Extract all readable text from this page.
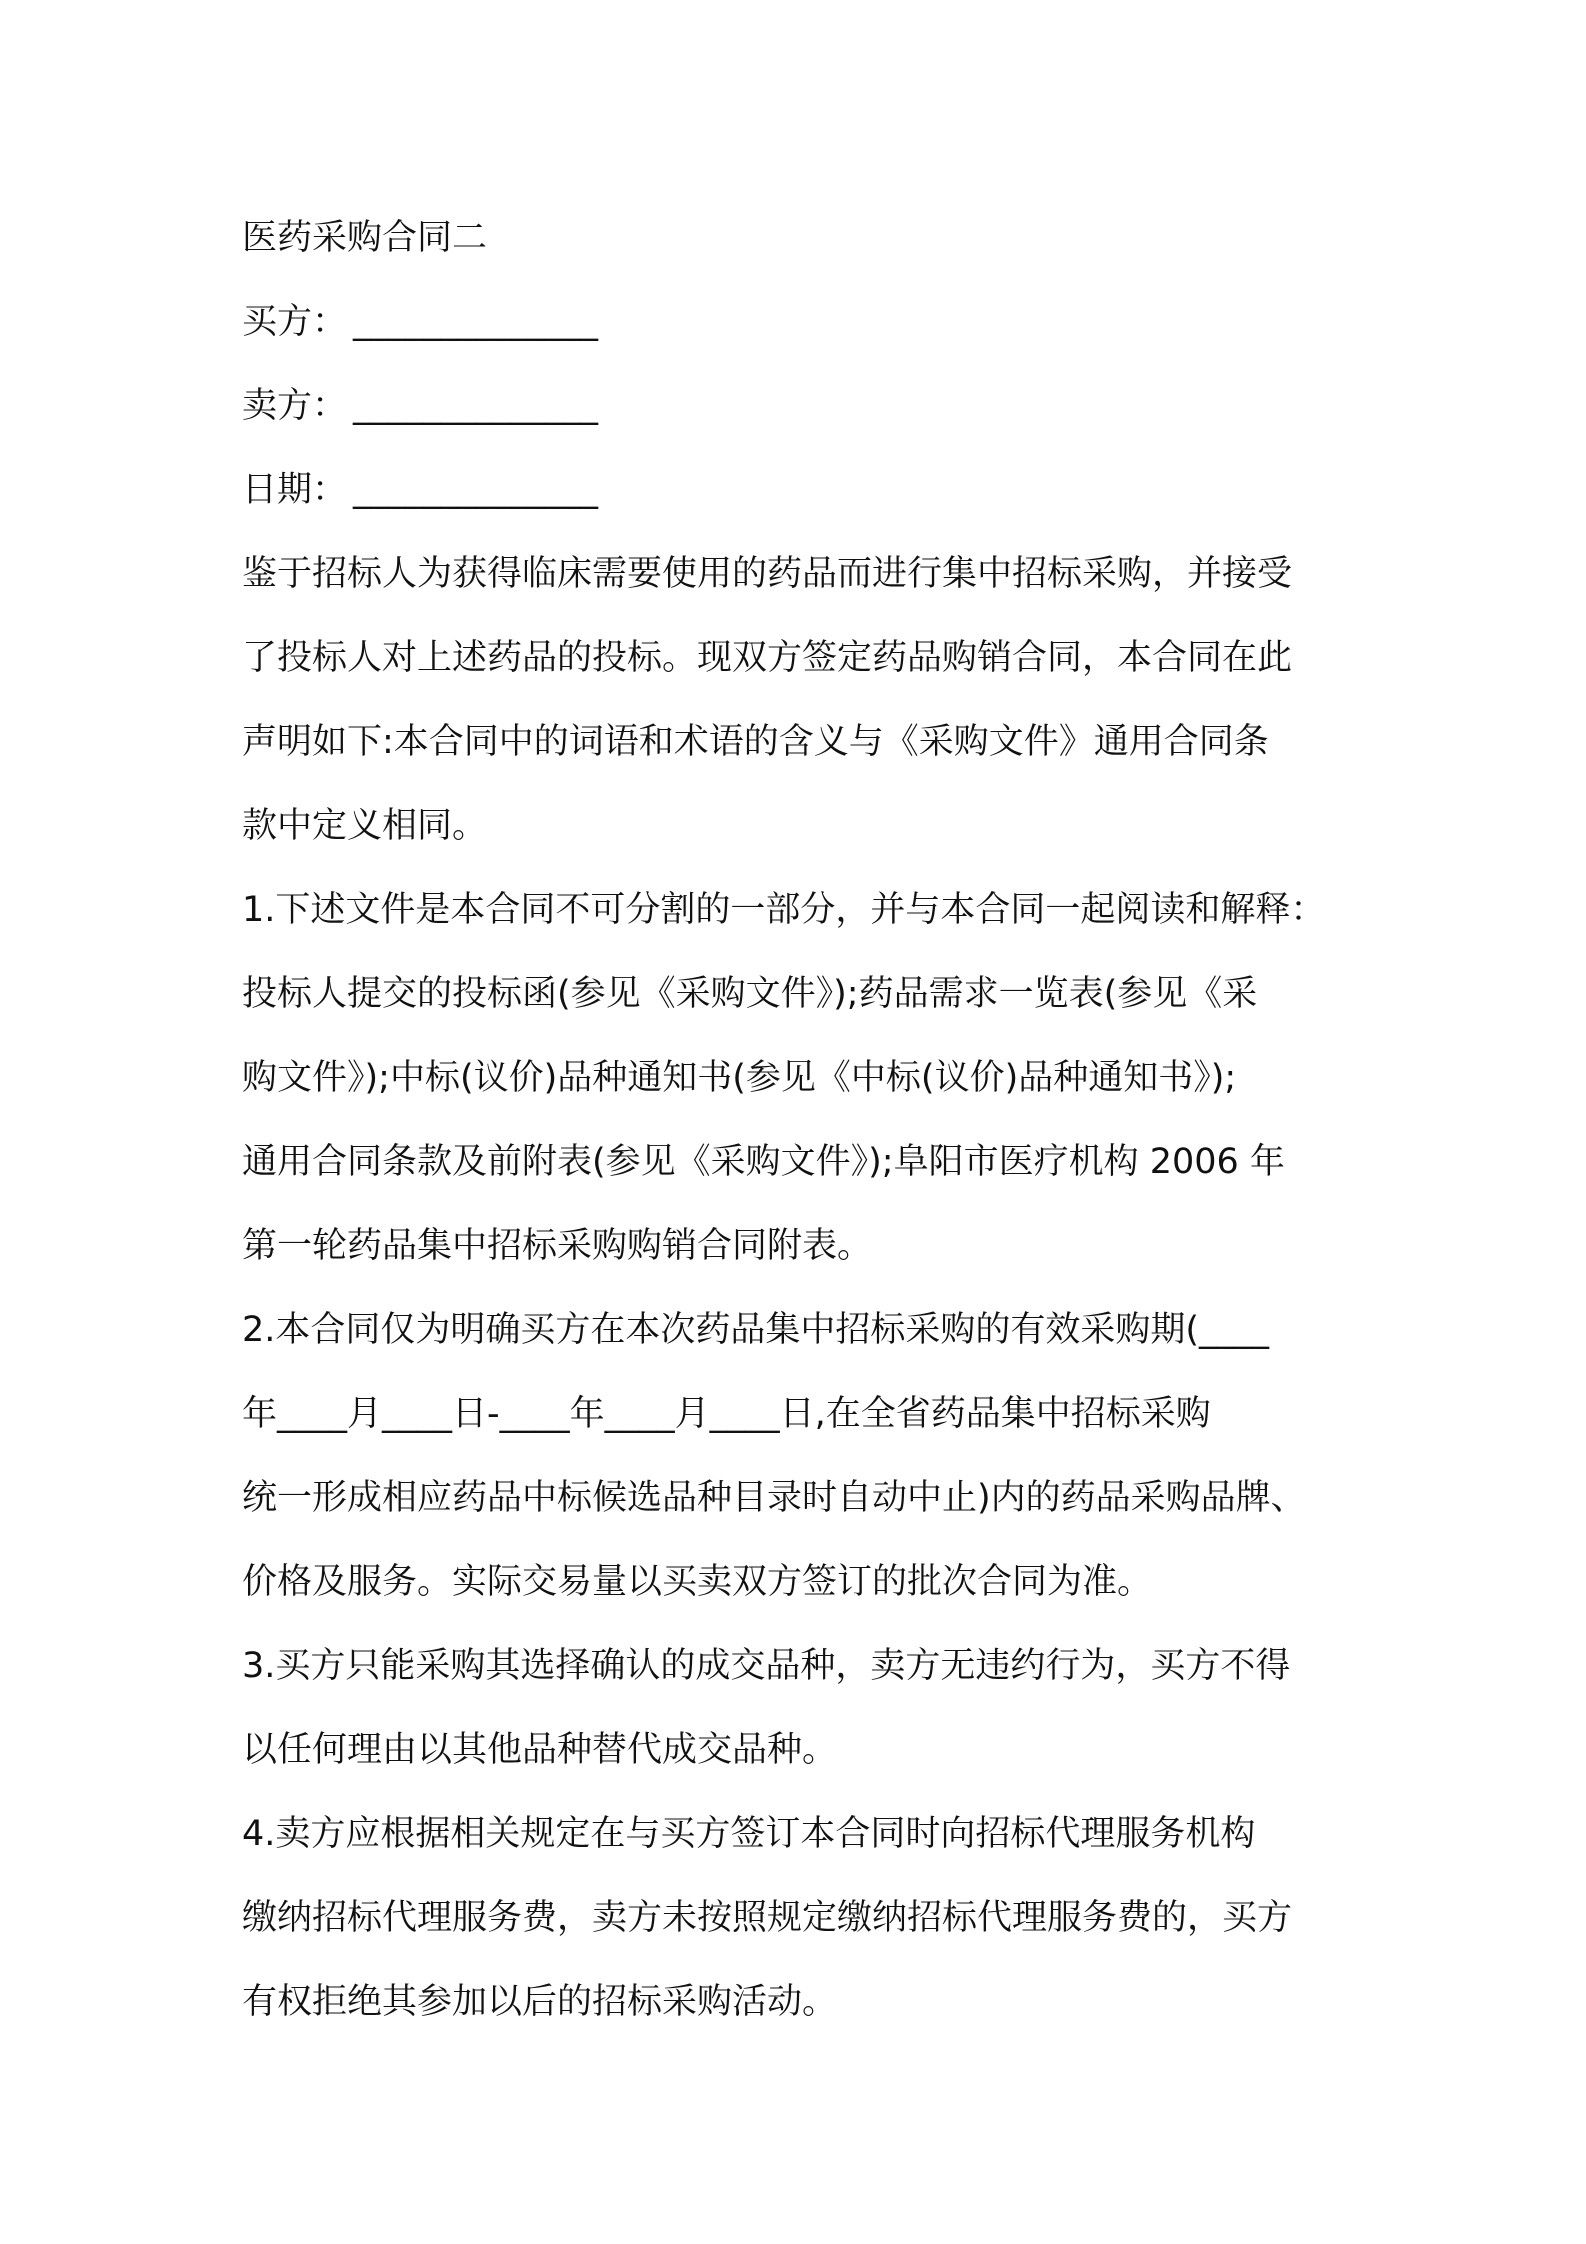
医药采购合同二

买方： ______________
卖方： ______________
日期： ______________

鉴于招标人为获得临床需要使用的药品而进行集中招标采购，并接受

了投标人对上述药品的投标。现双方签定药品购销合同，本合同在此

声明如下:本合同中的词语和术语的含义与《采购文件》通用合同条

款中定义相同。

1.下述文件是本合同不可分割的一部分，并与本合同一起阅读和解释：

投标人提交的投标函(参见《采购文件》);药品需求一览表(参见《采

购文件》);中标(议价)品种通知书(参见《中标(议价)品种通知书》);

通用合同条款及前附表(参见《采购文件》);阜阳市医疗机构 2006 年

第一轮药品集中招标采购购销合同附表。

2.本合同仅为明确买方在本次药品集中招标采购的有效采购期(____

年____月____日-____年____月____日,在全省药品集中招标采购

统一形成相应药品中标候选品种目录时自动中止)内的药品采购品牌、

价格及服务。实际交易量以买卖双方签订的批次合同为准。

3.买方只能采购其选择确认的成交品种，卖方无违约行为，买方不得

以任何理由以其他品种替代成交品种。

4.卖方应根据相关规定在与买方签订本合同时向招标代理服务机构

缴纳招标代理服务费，卖方未按照规定缴纳招标代理服务费的，买方

有权拒绝其参加以后的招标采购活动。
